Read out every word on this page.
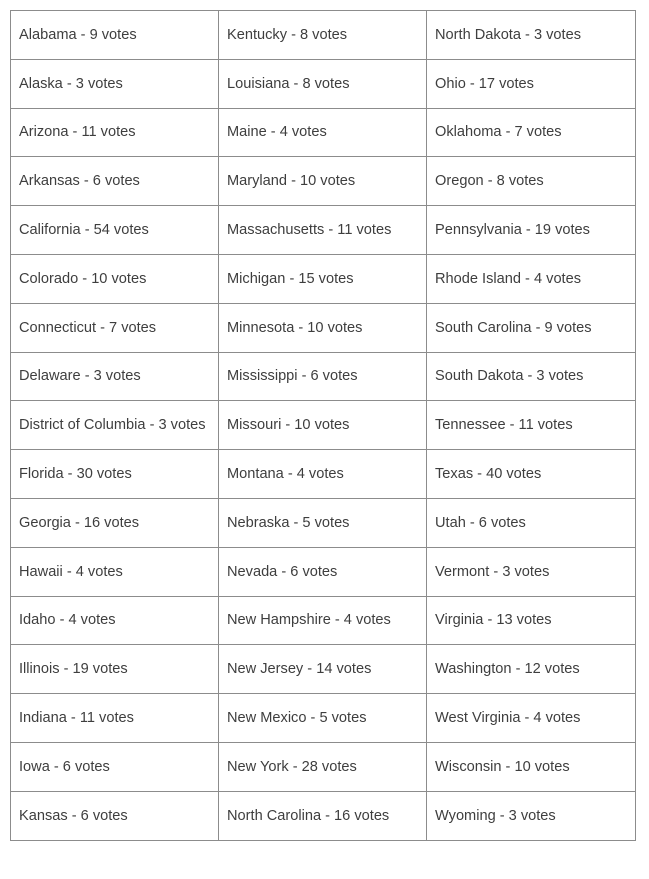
Alabama - 9 votes	Kentucky - 8 votes	North Dakota - 3 votes
Alaska - 3 votes	Louisiana - 8 votes	Ohio - 17 votes
Arizona - 11 votes	Maine - 4 votes	Oklahoma - 7 votes
Arkansas - 6 votes	Maryland - 10 votes	Oregon - 8 votes
California - 54 votes	Massachusetts - 11 votes	Pennsylvania - 19 votes
Colorado - 10 votes	Michigan - 15 votes	Rhode Island - 4 votes
Connecticut - 7 votes	Minnesota - 10 votes	South Carolina - 9 votes
Delaware - 3 votes	Mississippi - 6 votes	South Dakota - 3 votes
District of Columbia - 3 votes	Missouri - 10 votes	Tennessee - 11 votes
Florida - 30 votes	Montana - 4 votes	Texas - 40 votes
Georgia - 16 votes	Nebraska - 5 votes	Utah - 6 votes
Hawaii - 4 votes	Nevada - 6 votes	Vermont - 3 votes
Idaho - 4 votes	New Hampshire - 4 votes	Virginia - 13 votes
Illinois - 19 votes	New Jersey - 14 votes	Washington - 12 votes
Indiana - 11 votes	New Mexico - 5 votes	West Virginia - 4 votes
Iowa - 6 votes	New York - 28 votes	Wisconsin - 10 votes
Kansas - 6 votes	North Carolina - 16 votes	Wyoming - 3 votes
